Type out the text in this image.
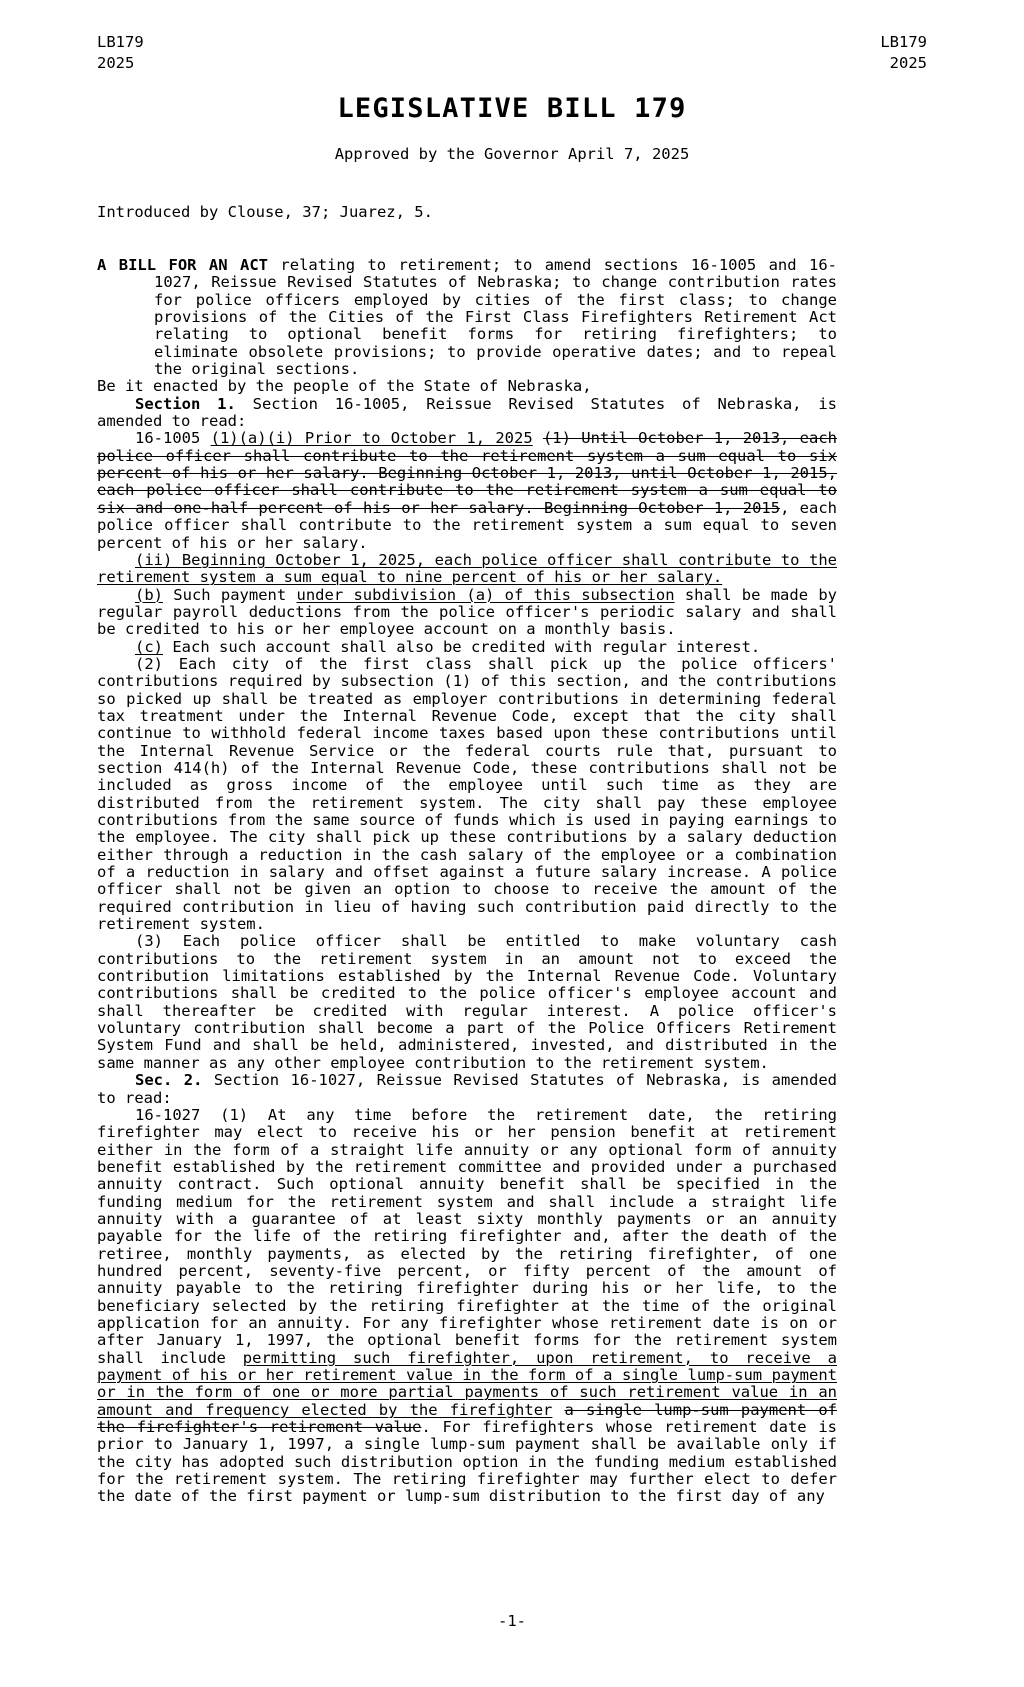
LB179
2025
LB179
2025
LEGISLATIVE BILL 179
Approved by the Governor April 7, 2025
Introduced by Clouse, 37; Juarez, 5.

A BILL FOR AN ACT relating to retirement; to amend sections 16-1005 and 16-1027, Reissue Revised Statutes of Nebraska; to change contribution rates for police officers employed by cities of the first class; to change provisions of the Cities of the First Class Firefighters Retirement Act relating to optional benefit forms for retiring firefighters; to eliminate obsolete provisions; to provide operative dates; and to repeal the original sections.

Be it enacted by the people of the State of Nebraska,

Section 1. Section 16-1005, Reissue Revised Statutes of Nebraska, is amended to read:

16-1005 (1)(a)(i) Prior to October 1, 2025 (1) Until October 1, 2013, each police officer shall contribute to the retirement system a sum equal to six percent of his or her salary. Beginning October 1, 2013, until October 1, 2015, each police officer shall contribute to the retirement system a sum equal to six and one-half percent of his or her salary. Beginning October 1, 2015, each police officer shall contribute to the retirement system a sum equal to seven percent of his or her salary.

(ii) Beginning October 1, 2025, each police officer shall contribute to the retirement system a sum equal to nine percent of his or her salary.

(b) Such payment under subdivision (a) of this subsection shall be made by regular payroll deductions from the police officer's periodic salary and shall be credited to his or her employee account on a monthly basis.

(c) Each such account shall also be credited with regular interest.

(2) Each city of the first class shall pick up the police officers' contributions required by subsection (1) of this section, and the contributions so picked up shall be treated as employer contributions in determining federal tax treatment under the Internal Revenue Code, except that the city shall continue to withhold federal income taxes based upon these contributions until the Internal Revenue Service or the federal courts rule that, pursuant to section 414(h) of the Internal Revenue Code, these contributions shall not be included as gross income of the employee until such time as they are distributed from the retirement system. The city shall pay these employee contributions from the same source of funds which is used in paying earnings to the employee. The city shall pick up these contributions by a salary deduction either through a reduction in the cash salary of the employee or a combination of a reduction in salary and offset against a future salary increase. A police officer shall not be given an option to choose to receive the amount of the required contribution in lieu of having such contribution paid directly to the retirement system.

(3) Each police officer shall be entitled to make voluntary cash contributions to the retirement system in an amount not to exceed the contribution limitations established by the Internal Revenue Code. Voluntary contributions shall be credited to the police officer's employee account and shall thereafter be credited with regular interest. A police officer's voluntary contribution shall become a part of the Police Officers Retirement System Fund and shall be held, administered, invested, and distributed in the same manner as any other employee contribution to the retirement system.

Sec. 2. Section 16-1027, Reissue Revised Statutes of Nebraska, is amended to read:

16-1027 (1) At any time before the retirement date, the retiring firefighter may elect to receive his or her pension benefit at retirement either in the form of a straight life annuity or any optional form of annuity benefit established by the retirement committee and provided under a purchased annuity contract. Such optional annuity benefit shall be specified in the funding medium for the retirement system and shall include a straight life annuity with a guarantee of at least sixty monthly payments or an annuity payable for the life of the retiring firefighter and, after the death of the retiree, monthly payments, as elected by the retiring firefighter, of one hundred percent, seventy-five percent, or fifty percent of the amount of annuity payable to the retiring firefighter during his or her life, to the beneficiary selected by the retiring firefighter at the time of the original application for an annuity. For any firefighter whose retirement date is on or after January 1, 1997, the optional benefit forms for the retirement system shall include permitting such firefighter, upon retirement, to receive a payment of his or her retirement value in the form of a single lump-sum payment or in the form of one or more partial payments of such retirement value in an amount and frequency elected by the firefighter a single lump-sum payment of the firefighter's retirement value. For firefighters whose retirement date is prior to January 1, 1997, a single lump-sum payment shall be available only if the city has adopted such distribution option in the funding medium established for the retirement system. The retiring firefighter may further elect to defer the date of the first payment or lump-sum distribution to the first day of any

-1-
